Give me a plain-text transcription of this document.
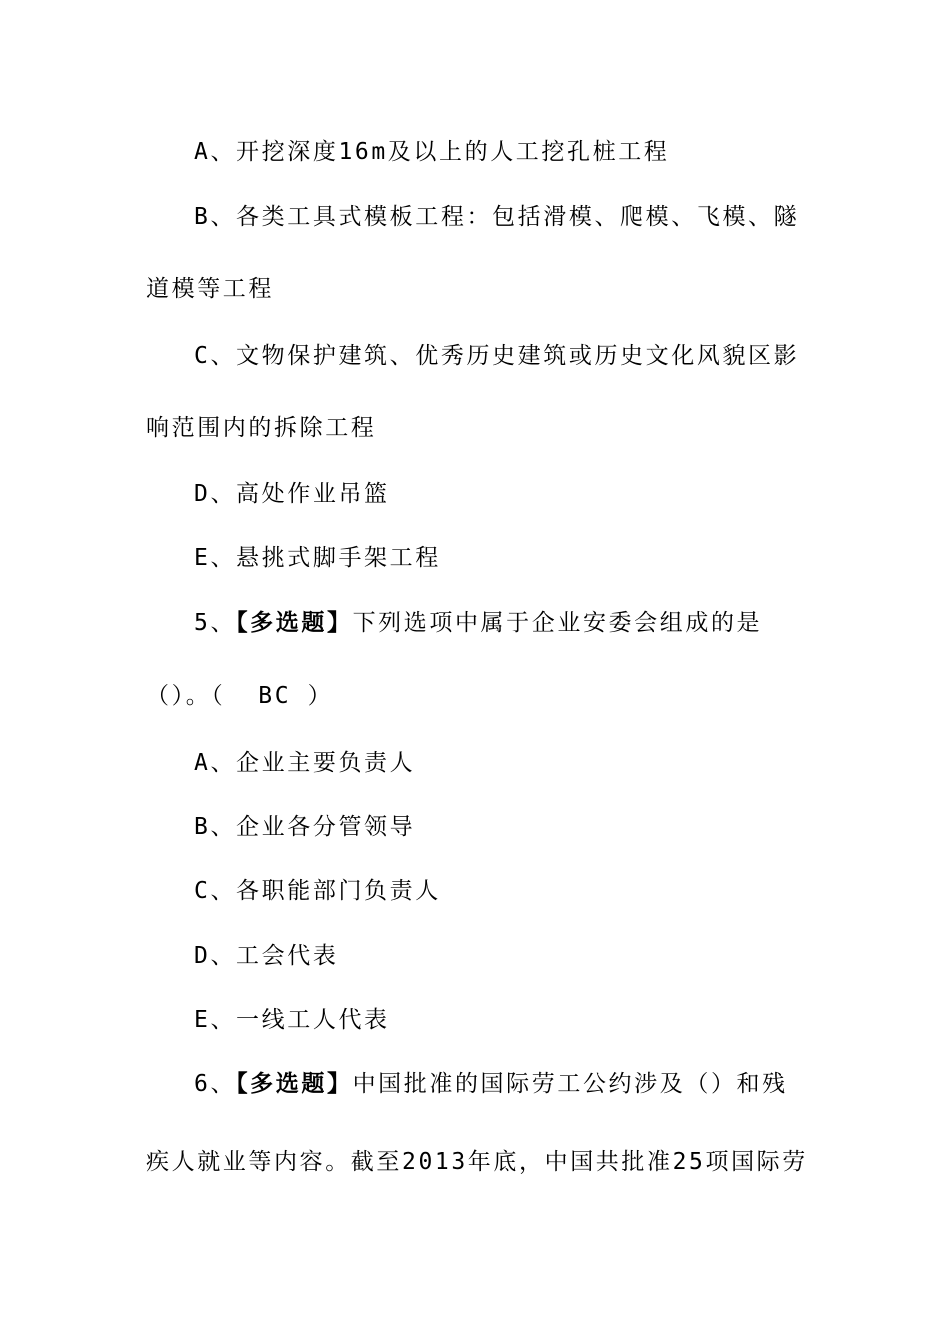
A、开挖深度16m及以上的人工挖孔桩工程
B、各类工具式模板工程：包括滑模、爬模、飞模、隧
道模等工程
C、文物保护建筑、优秀历史建筑或历史文化风貌区影
响范围内的拆除工程
D、高处作业吊篮
E、悬挑式脚手架工程
5、【多选题】下列选项中属于企业安委会组成的是
（）。（  BC ）
A、企业主要负责人
B、企业各分管领导
C、各职能部门负责人
D、工会代表
E、一线工人代表
6、【多选题】中国批准的国际劳工公约涉及（）和残
疾人就业等内容。截至2013年底，中国共批准25项国际劳
